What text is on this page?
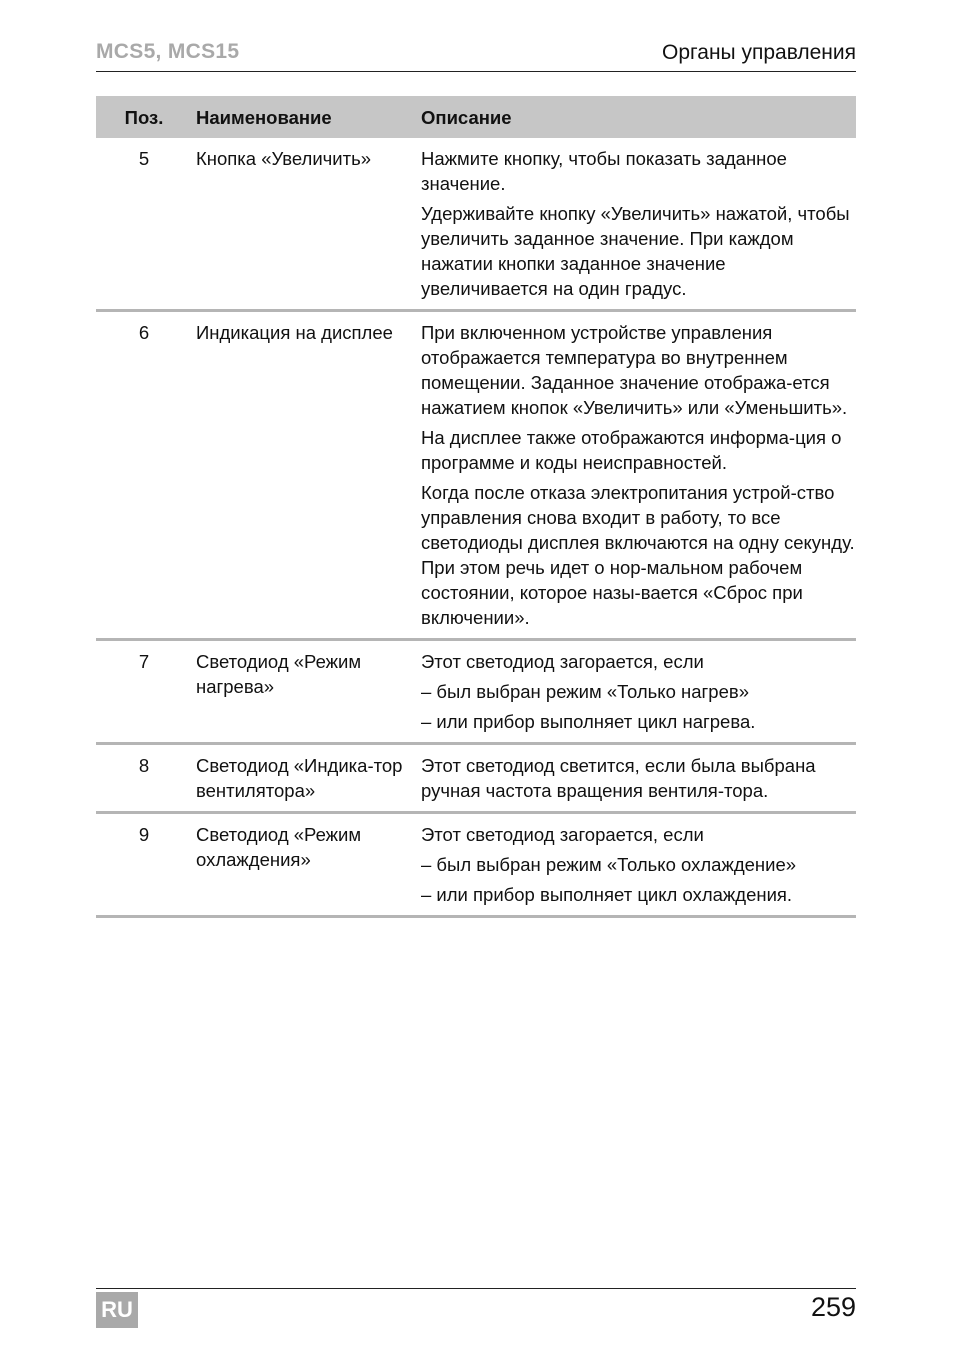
MCS5, MCS15	Органы управления
Поз.	Наименование	Описание
5	Кнопка «Увеличить»	Нажмите кнопку, чтобы показать заданное значение.

Удерживайте кнопку «Увеличить» нажатой, чтобы увеличить заданное значение. При каждом нажатии кнопки заданное значение увеличивается на один градус.

6	Индикация на дисплее	При включенном устройстве управления отображается температура во внутреннем помещении. Заданное значение отобража-ется нажатием кнопок «Увеличить» или «Уменьшить».

На дисплее также отображаются информа-ция о программе и коды неисправностей.

Когда после отказа электропитания устрой-ство управления снова входит в работу, то все светодиоды дисплея включаются на одну секунду. При этом речь идет о нор-мальном рабочем состоянии, которое назы-вается «Сброс при включении».

7	Светодиод «Режим нагрева»	Этот светодиод загорается, если

– был выбран режим «Только нагрев»

– или прибор выполняет цикл нагрева.

8	Светодиод «Индика-тор вентилятора»	Этот светодиод светится, если была выбрана ручная частота вращения вентиля-тора.

9	Светодиод «Режим охлаждения»	Этот светодиод загорается, если

– был выбран режим «Только охлаждение»

– или прибор выполняет цикл охлаждения.

RU	259
